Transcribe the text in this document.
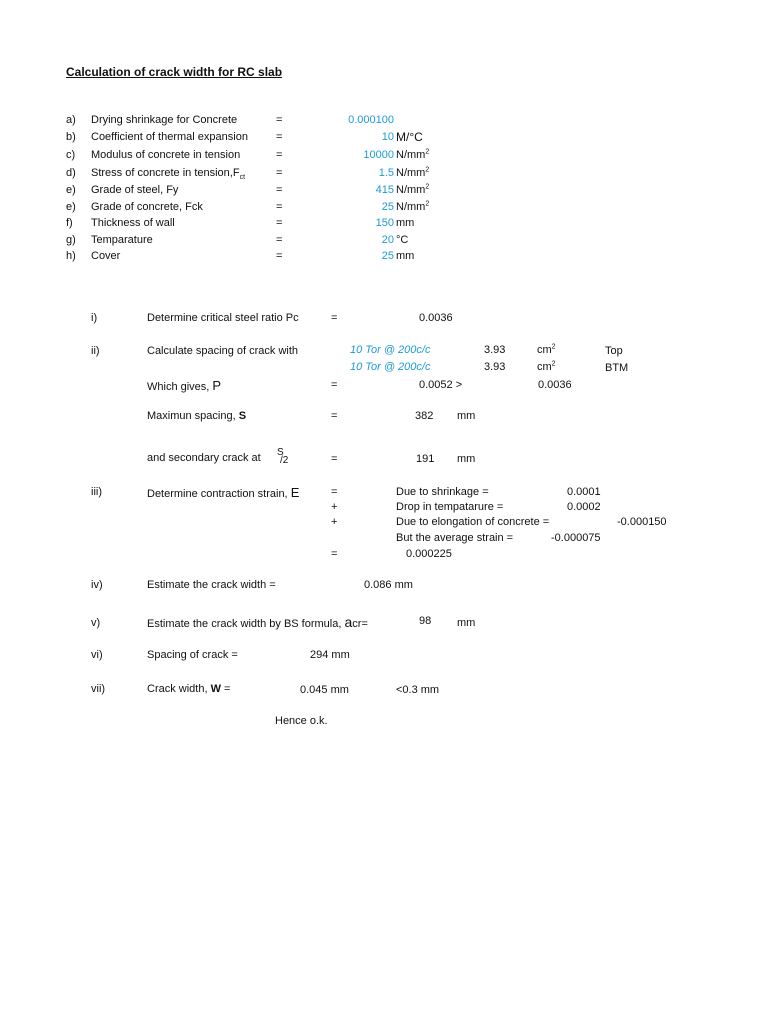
Calculation of crack width for RC slab
a) Drying shrinkage for Concrete	=	0.000100
b) Coefficient of thermal expansion	=	10 M/°C
c) Modulus of concrete in tension	=	10000 $N/mm^2$
d) Stress of concrete in $tension,F_{ct}$	=	1.5 $N/mm^2$
e) Grade of steel, Fy	=	415 $N/mm^2$
e) Grade of concrete, Fck	=	25 $N/mm^2$
f) Thickness of wall	=	150 mm
g) Temparature	=	20 °C
h) Cover	=	25 mm
i)	Determine critical steel ratio Pc	=	0.0036
ii)	Calculate spacing of crack with	10 Tor @ 200c/c	3.93	$cm^2$	Top
10 Tor @ 200c/c	3.93	$cm^2$	BTM
Which gives, P	=	0.0052 >	0.0036
Maximun spacing, S	=	382 mm
and secondary crack at S
/2	=	191 mm
iii)	Determine contraction strain, E	=	Due to shrinkage =	0.0001
+	Drop in tempatarure =	0.0002
+	Due to elongation of concrete =	-0.000150
But the average strain =	-0.000075
=	0.000225
iv)	Estimate the crack width =	0.086 mm
v)	Estimate the crack width by BS formula, acr=	98 mm
vi)	Spacing of crack =	294 mm
vii)	Crack width, W =	0.045 mm	<0.3 mm
Hence o.k.
